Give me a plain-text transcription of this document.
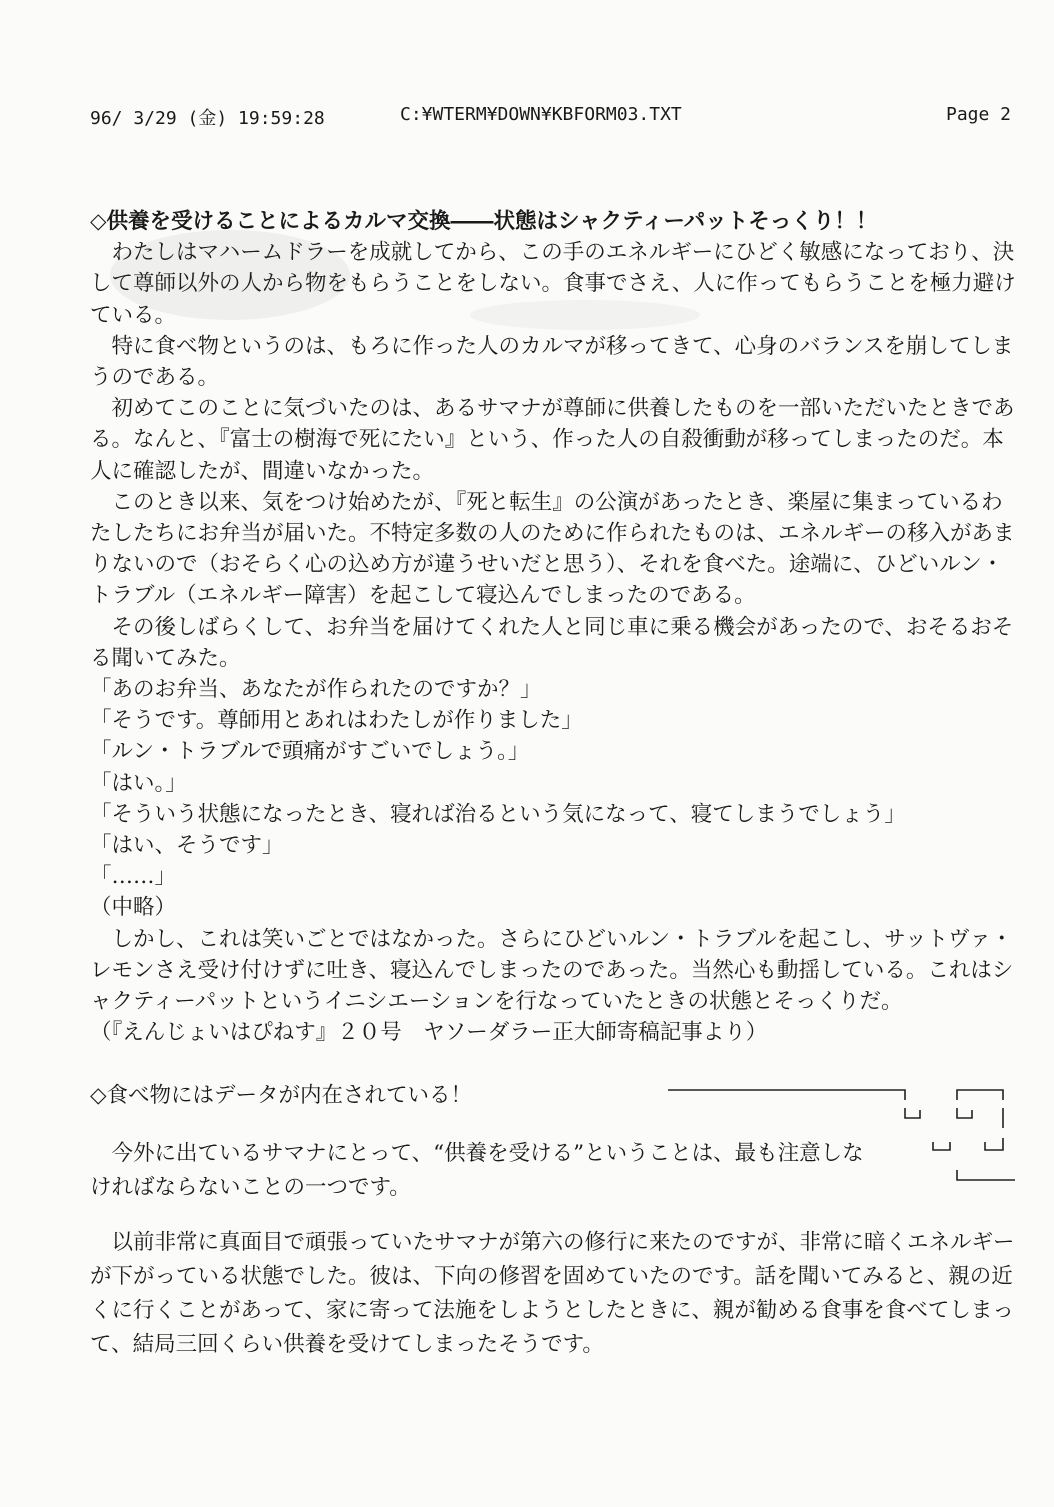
96/ 3/29 (金) 19:59:28	C:¥WTERM¥DOWN¥KBFORM03.TXT	Page 2

◇供養を受けることによるカルマ交換――状態はシャクティーパットそっくり！！

わたしはマハームドラーを成就してから、この手のエネルギーにひどく敏感になっており、決して尊師以外の人から物をもらうことをしない。食事でさえ、人に作ってもらうことを極力避けている。

特に食べ物というのは、もろに作った人のカルマが移ってきて、心身のバランスを崩してしまうのである。

初めてこのことに気づいたのは、あるサマナが尊師に供養したものを一部いただいたときである。なんと、『富士の樹海で死にたい』という、作った人の自殺衝動が移ってしまったのだ。本人に確認したが、間違いなかった。

このとき以来、気をつけ始めたが、『死と転生』の公演があったとき、楽屋に集まっているわたしたちにお弁当が届いた。不特定多数の人のために作られたものは、エネルギーの移入があまりないので（おそらく心の込め方が違うせいだと思う）、それを食べた。途端に、ひどいルン・トラブル（エネルギー障害）を起こして寝込んでしまったのである。

その後しばらくして、お弁当を届けてくれた人と同じ車に乗る機会があったので、おそるおそる聞いてみた。

「あのお弁当、あなたが作られたのですか？」

「そうです。尊師用とあれはわたしが作りました」

「ルン・トラブルで頭痛がすごいでしょう。」

「はい。」

「そういう状態になったとき、寝れば治るという気になって、寝てしまうでしょう」

「はい、そうです」

「……」

（中略）

しかし、これは笑いごとではなかった。さらにひどいルン・トラブルを起こし、サットヴァ・レモンさえ受け付けずに吐き、寝込んでしまったのであった。当然心も動揺している。これはシャクティーパットというイニシエーションを行なっていたときの状態とそっくりだ。

（『えんじょいはぴねす』２０号　ヤソーダラー正大師寄稿記事より）

◇食べ物にはデータが内在されている！

今外に出ているサマナにとって、“供養を受ける”ということは、最も注意しなければならないことの一つです。

以前非常に真面目で頑張っていたサマナが第六の修行に来たのですが、非常に暗くエネルギーが下がっている状態でした。彼は、下向の修習を固めていたのです。話を聞いてみると、親の近くに行くことがあって、家に寄って法施をしようとしたときに、親が勧める食事を食べてしまって、結局三回くらい供養を受けてしまったそうです。
